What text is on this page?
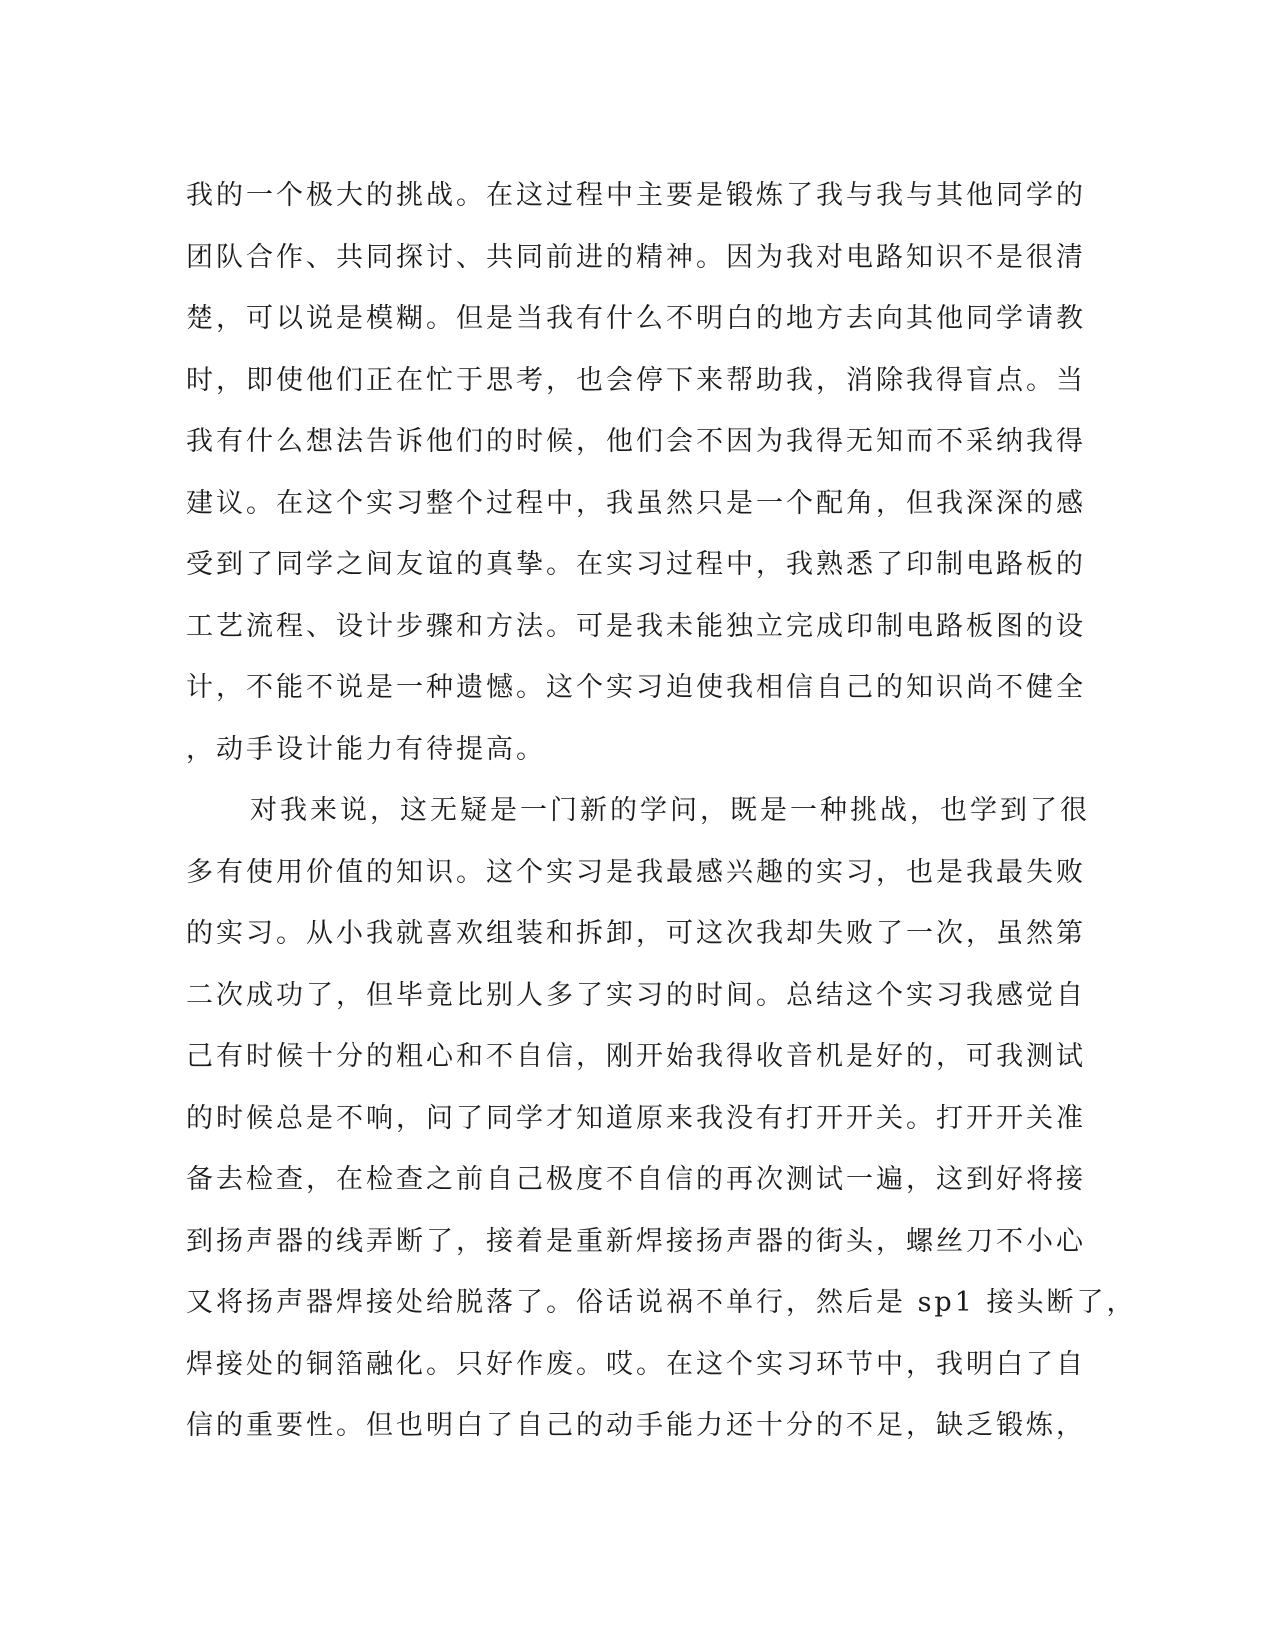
我的一个极大的挑战。在这过程中主要是锻炼了我与我与其他同学的
团队合作、共同探讨、共同前进的精神。因为我对电路知识不是很清
楚，可以说是模糊。但是当我有什么不明白的地方去向其他同学请教
时，即使他们正在忙于思考，也会停下来帮助我，消除我得盲点。当
我有什么想法告诉他们的时候，他们会不因为我得无知而不采纳我得
建议。在这个实习整个过程中，我虽然只是一个配角，但我深深的感
受到了同学之间友谊的真挚。在实习过程中，我熟悉了印制电路板的
工艺流程、设计步骤和方法。可是我未能独立完成印制电路板图的设
计，不能不说是一种遗憾。这个实习迫使我相信自己的知识尚不健全
，动手设计能力有待提高。
对我来说，这无疑是一门新的学问，既是一种挑战，也学到了很
多有使用价值的知识。这个实习是我最感兴趣的实习，也是我最失败
的实习。从小我就喜欢组装和拆卸，可这次我却失败了一次，虽然第
二次成功了，但毕竟比别人多了实习的时间。总结这个实习我感觉自
己有时候十分的粗心和不自信，刚开始我得收音机是好的，可我测试
的时候总是不响，问了同学才知道原来我没有打开开关。打开开关准
备去检查，在检查之前自己极度不自信的再次测试一遍，这到好将接
到扬声器的线弄断了，接着是重新焊接扬声器的街头，螺丝刀不小心
又将扬声器焊接处给脱落了。俗话说祸不单行，然后是 sp1 接头断了，
焊接处的铜箔融化。只好作废。哎。在这个实习环节中，我明白了自
信的重要性。但也明白了自己的动手能力还十分的不足，缺乏锻炼，
